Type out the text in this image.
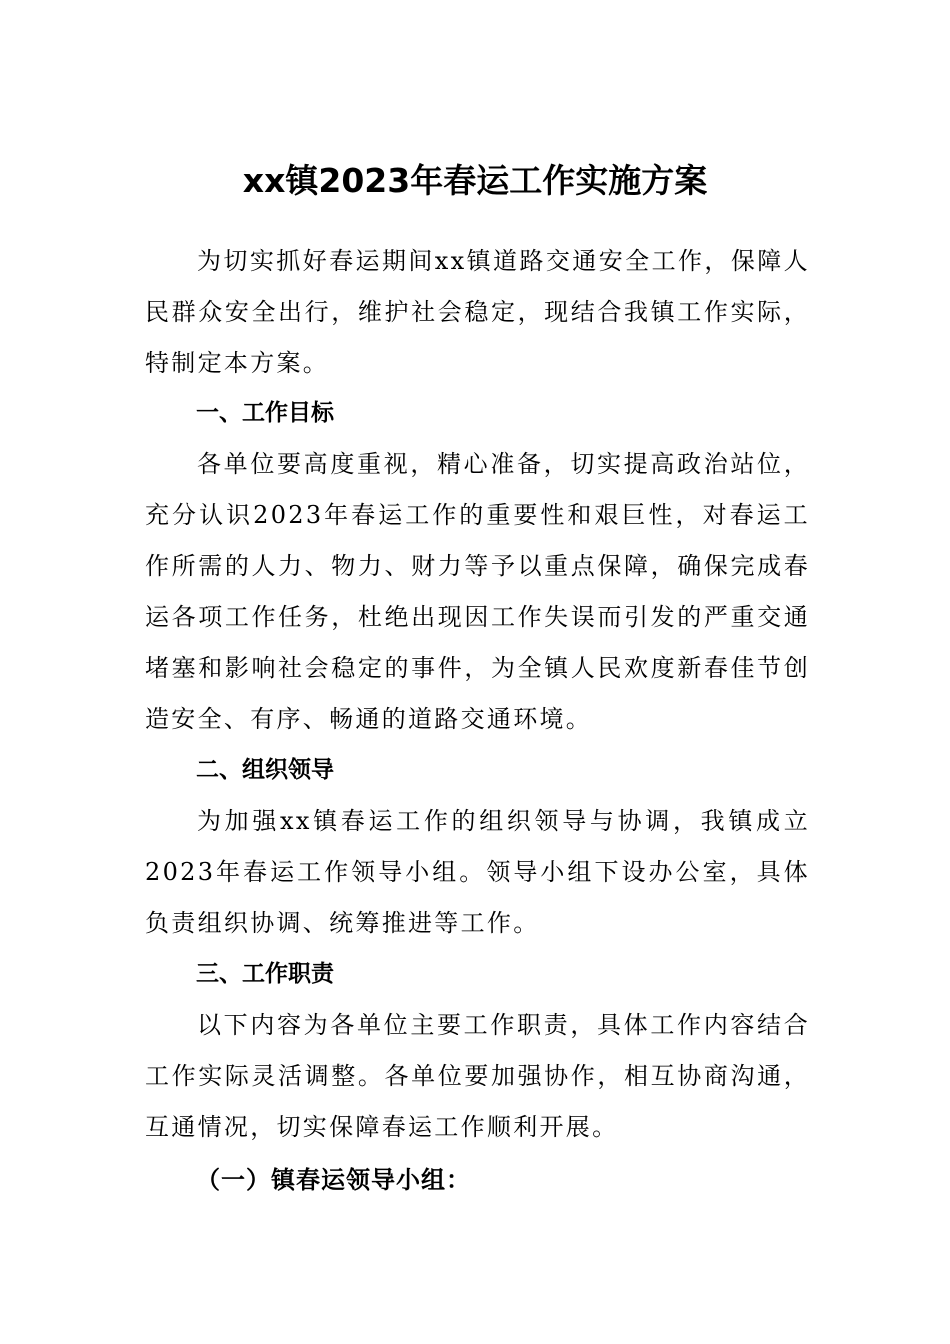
xx镇2023年春运工作实施方案

为切实抓好春运期间xx镇道路交通安全工作，保障人民群众安全出行，维护社会稳定，现结合我镇工作实际，特制定本方案。

一、工作目标

各单位要高度重视，精心准备，切实提高政治站位，充分认识2023年春运工作的重要性和艰巨性，对春运工作所需的人力、物力、财力等予以重点保障，确保完成春运各项工作任务，杜绝出现因工作失误而引发的严重交通堵塞和影响社会稳定的事件，为全镇人民欢度新春佳节创造安全、有序、畅通的道路交通环境。

二、组织领导

为加强xx镇春运工作的组织领导与协调，我镇成立2023年春运工作领导小组。领导小组下设办公室，具体负责组织协调、统筹推进等工作。

三、工作职责

以下内容为各单位主要工作职责，具体工作内容结合工作实际灵活调整。各单位要加强协作，相互协商沟通，互通情况，切实保障春运工作顺利开展。

（一）镇春运领导小组：
